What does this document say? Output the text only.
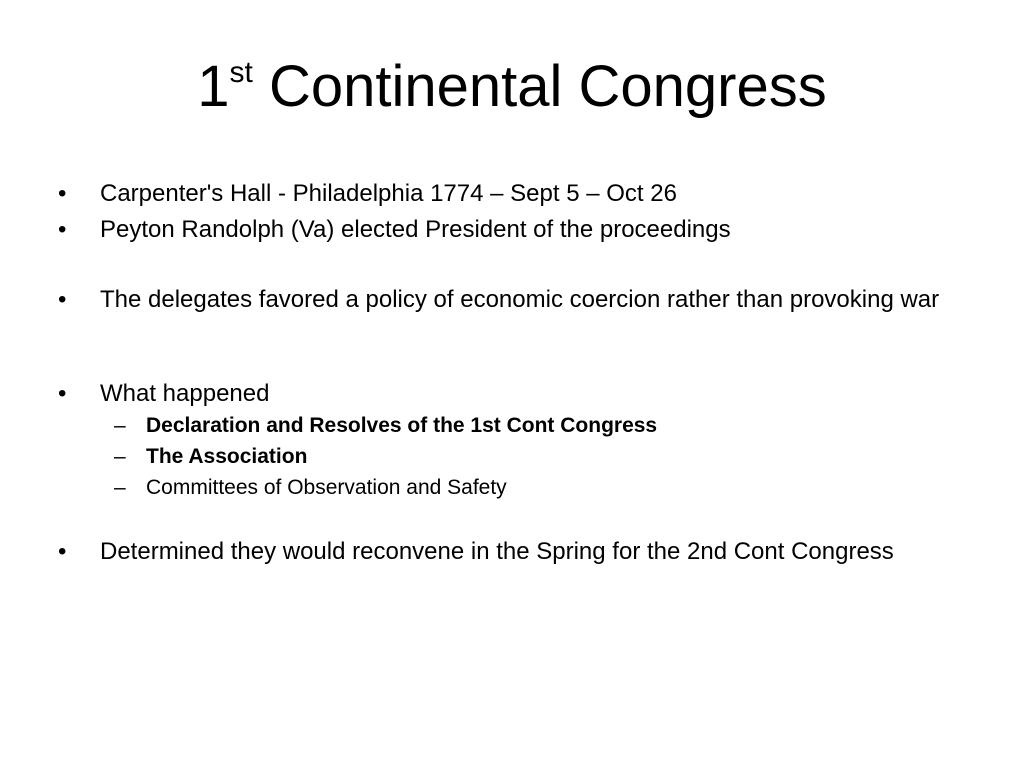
1st Continental Congress
• Carpenter's Hall - Philadelphia 1774 – Sept 5 – Oct 26
• Peyton Randolph (Va) elected President of the proceedings
• The delegates favored a policy of economic coercion rather than provoking war
• What happened
– Declaration and Resolves of the 1st Cont Congress
– The Association
– Committees of Observation and Safety
• Determined they would reconvene in the Spring for the 2nd Cont Congress
